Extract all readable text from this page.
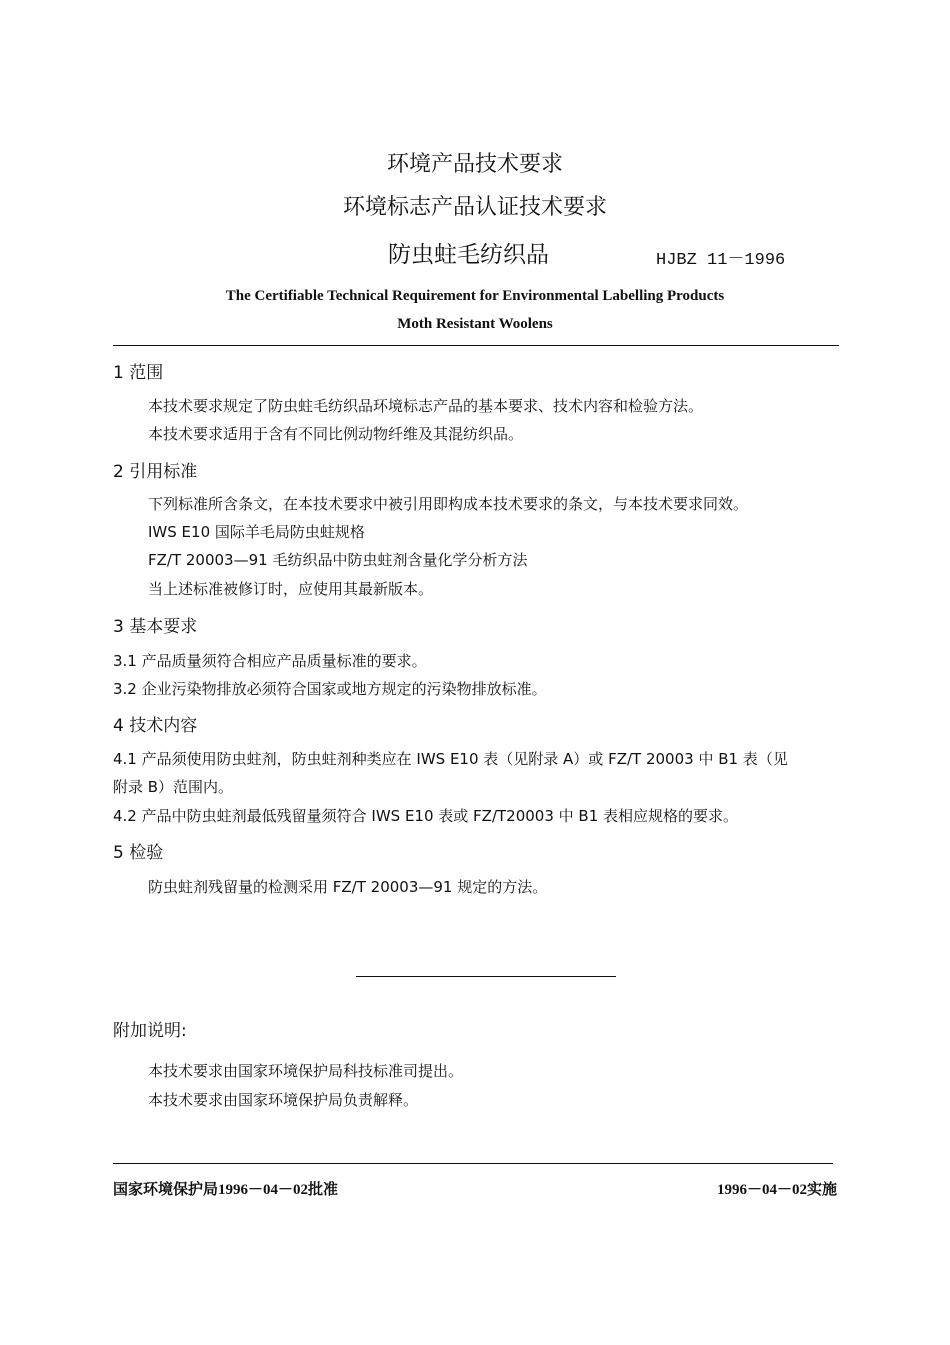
环境产品技术要求
环境标志产品认证技术要求
防虫蛀毛纺织品	HJBZ 11－1996
The Certifiable Technical Requirement for Environmental Labelling Products
Moth Resistant Woolens
1 范围
本技术要求规定了防虫蛀毛纺织品环境标志产品的基本要求、技术内容和检验方法。
本技术要求适用于含有不同比例动物纤维及其混纺织品。
2 引用标准
下列标准所含条文，在本技术要求中被引用即构成本技术要求的条文，与本技术要求同效。
IWS E10 国际羊毛局防虫蛀规格
FZ/T 20003—91 毛纺织品中防虫蛀剂含量化学分析方法
当上述标准被修订时，应使用其最新版本。
3 基本要求
3.1 产品质量须符合相应产品质量标准的要求。
3.2 企业污染物排放必须符合国家或地方规定的污染物排放标准。
4 技术内容
4.1 产品须使用防虫蛀剂，防虫蛀剂种类应在 IWS E10 表（见附录 A）或 FZ/T 20003 中 B1 表（见
附录 B）范围内。
4.2 产品中防虫蛀剂最低残留量须符合 IWS E10 表或 FZ/T20003 中 B1 表相应规格的要求。
5 检验
防虫蛀剂残留量的检测采用 FZ/T 20003—91 规定的方法。
附加说明:
本技术要求由国家环境保护局科技标准司提出。
本技术要求由国家环境保护局负责解释。
国家环境保护局1996－04－02批准	1996－04－02实施
